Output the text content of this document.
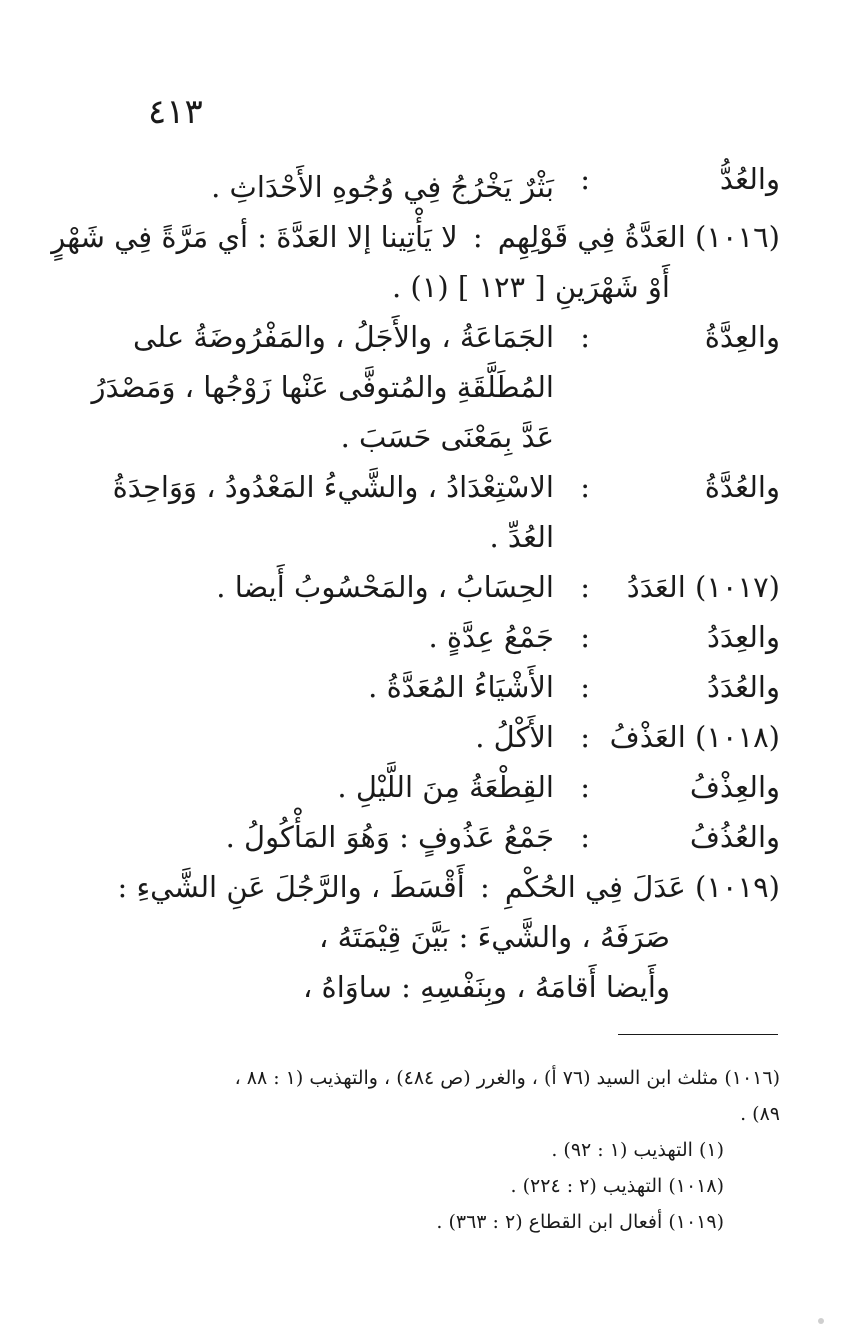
٤١٣
والعُدُّ
:
بَثْرٌ يَخْرُجُ فِي وُجُوهِ الأَحْدَاثِ .
(١٠١٦) العَدَّةُ فِي قَوْلِهِم
:
لا يَأْتِينا إلا العَدَّةَ : أي مَرَّةً فِي شَهْرٍ
أَوْ شَهْرَينِ [ ١٢٣ ] (١) .
والعِدَّةُ
:
الجَمَاعَةُ ، والأَجَلُ ، والمَفْرُوضَةُ على
المُطَلَّقَةِ والمُتوفَّى عَنْها زَوْجُها ، وَمَصْدَرُ
عَدَّ بِمَعْنَى حَسَبَ .
والعُدَّةُ
:
الاسْتِعْدَادُ ، والشَّيءُ المَعْدُودُ ، وَوَاحِدَةُ
العُدِّ .
(١٠١٧) العَدَدُ
:
الحِسَابُ ، والمَحْسُوبُ أَيضا .
والعِدَدُ
:
جَمْعُ عِدَّةٍ .
والعُدَدُ
:
الأَشْيَاءُ المُعَدَّةُ .
(١٠١٨) العَذْفُ
:
الأَكْلُ .
والعِذْفُ
:
القِطْعَةُ مِنَ اللَّيْلِ .
والعُذُفُ
:
جَمْعُ عَذُوفٍ : وَهُوَ المَأْكُولُ .
(١٠١٩) عَدَلَ فِي الحُكْمِ
:
أَقْسَطَ ، والرَّجُلَ عَنِ الشَّيءِ :
صَرَفَهُ ، والشَّيءَ : بَيَّنَ قِيْمَتَهُ ،
وأَيضا أَقامَهُ ، وبِنَفْسِهِ : ساوَاهُ ،
(١٠١٦) مثلث ابن السيد (٧٦ أ) ، والغرر (ص ٤٨٤) ، والتهذيب (١ : ٨٨ ،
٨٩) .
(١) التهذيب (١ : ٩٢) .
(١٠١٨) التهذيب (٢ : ٢٢٤) .
(١٠١٩) أفعال ابن القطاع (٢ : ٣٦٣) .
